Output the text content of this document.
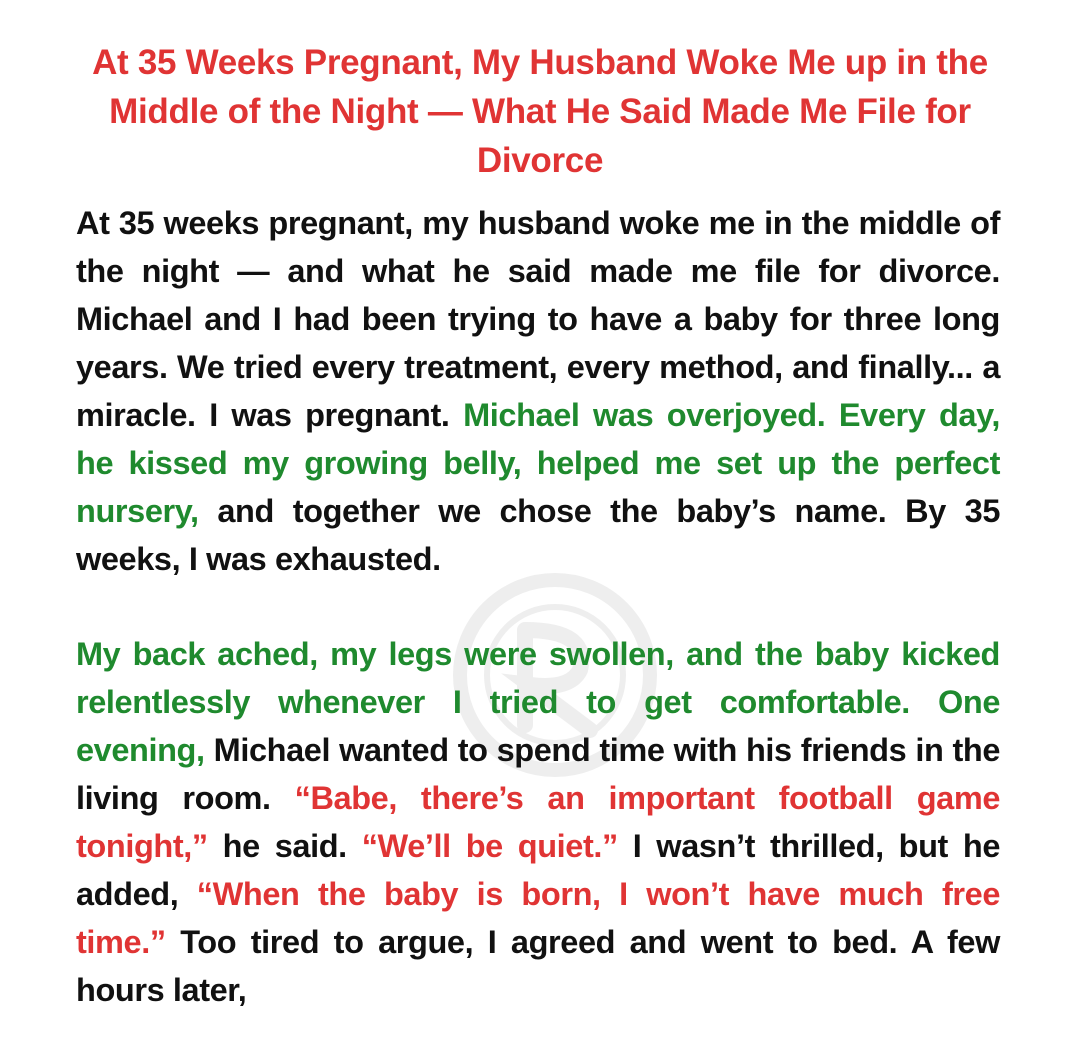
At 35 Weeks Pregnant, My Husband Woke Me up in the Middle of the Night — What He Said Made Me File for Divorce

At 35 weeks pregnant, my husband woke me in the middle of the night — and what he said made me file for divorce. Michael and I had been trying to have a baby for three long years. We tried every treatment, every method, and finally... a miracle. I was pregnant. Michael was overjoyed. Every day, he kissed my growing belly, helped me set up the perfect nursery, and together we chose the baby’s name. By 35 weeks, I was exhausted.

My back ached, my legs were swollen, and the baby kicked relentlessly whenever I tried to get comfortable. One evening, Michael wanted to spend time with his friends in the living room. “Babe, there’s an important football game tonight,” he said. “We’ll be quiet.” I wasn’t thrilled, but he added, “When the baby is born, I won’t have much free time.” Too tired to argue, I agreed and went to bed. A few hours later,
